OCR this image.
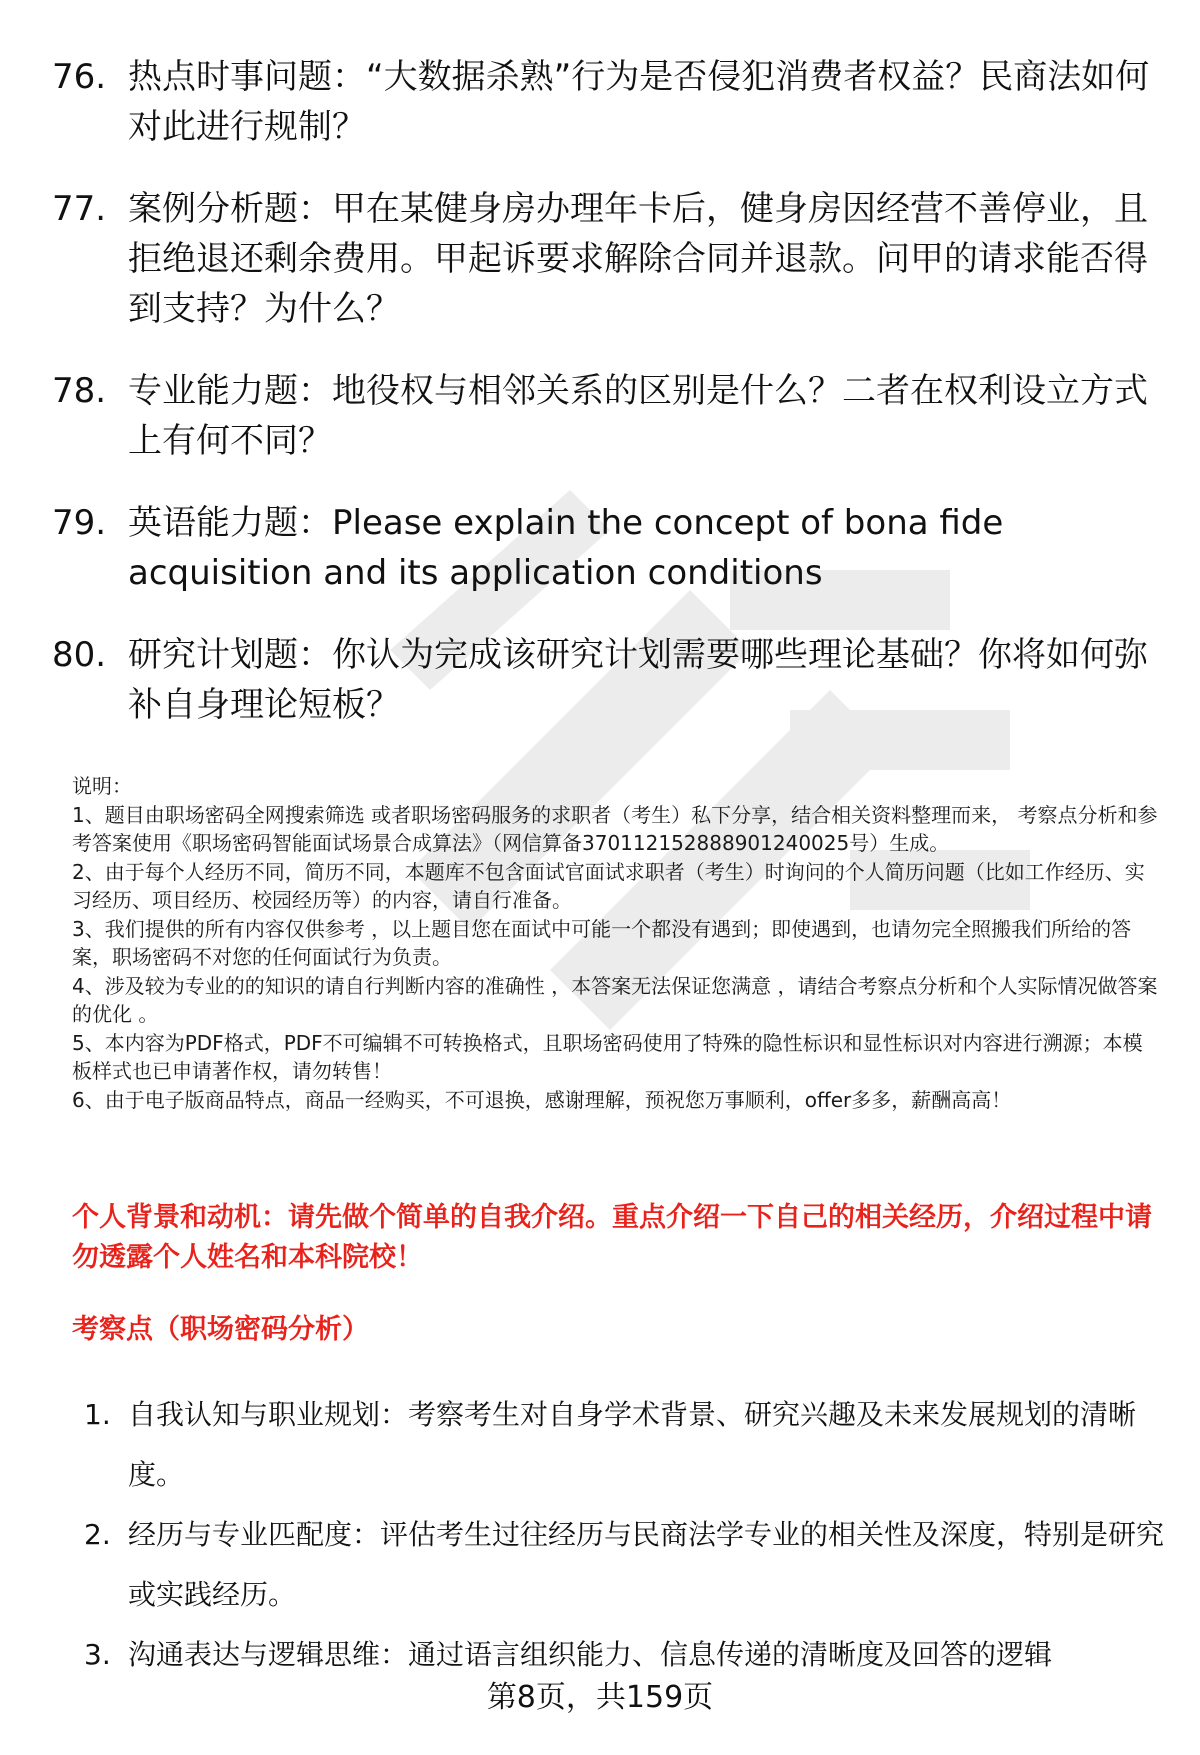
76. 热点时事问题：“大数据杀熟”行为是否侵犯消费者权益？民商法如何对此进行规制？
77. 案例分析题：甲在某健身房办理年卡后，健身房因经营不善停业，且拒绝退还剩余费用。甲起诉要求解除合同并退款。问甲的请求能否得到支持？为什么？
78. 专业能力题：地役权与相邻关系的区别是什么？二者在权利设立方式上有何不同？
79. 英语能力题：Please explain the concept of bona fide acquisition and its application conditions
80. 研究计划题：你认为完成该研究计划需要哪些理论基础？你将如何弥补自身理论短板？

说明：

1、题目由职场密码全网搜索筛选 或者职场密码服务的求职者（考生）私下分享，结合相关资料整理而来， 考察点分析和参考答案使用《职场密码智能面试场景合成算法》（网信算备370112152888901240025号）生成。

2、由于每个人经历不同，简历不同，本题库不包含面试官面试求职者（考生）时询问的个人简历问题（比如工作经历、实习经历、项目经历、校园经历等）的内容，请自行准备。

3、我们提供的所有内容仅供参考 ，以上题目您在面试中可能一个都没有遇到；即使遇到，也请勿完全照搬我们所给的答案，职场密码不对您的任何面试行为负责。

4、涉及较为专业的的知识的请自行判断内容的准确性 ，本答案无法保证您满意 ，请结合考察点分析和个人实际情况做答案的优化 。

5、本内容为PDF格式，PDF不可编辑不可转换格式，且职场密码使用了特殊的隐性标识和显性标识对内容进行溯源；本模板样式也已申请著作权，请勿转售！

6、由于电子版商品特点，商品一经购买，不可退换，感谢理解，预祝您万事顺利，offer多多，薪酬高高！

个人背景和动机：请先做个简单的自我介绍。重点介绍一下自己的相关经历，介绍过程中请勿透露个人姓名和本科院校！

考察点（职场密码分析）

1. 自我认知与职业规划：考察考生对自身学术背景、研究兴趣及未来发展规划的清晰度。
2. 经历与专业匹配度：评估考生过往经历与民商法学专业的相关性及深度，特别是研究或实践经历。
3. 沟通表达与逻辑思维：通过语言组织能力、信息传递的清晰度及回答的逻辑
第8页，共159页
